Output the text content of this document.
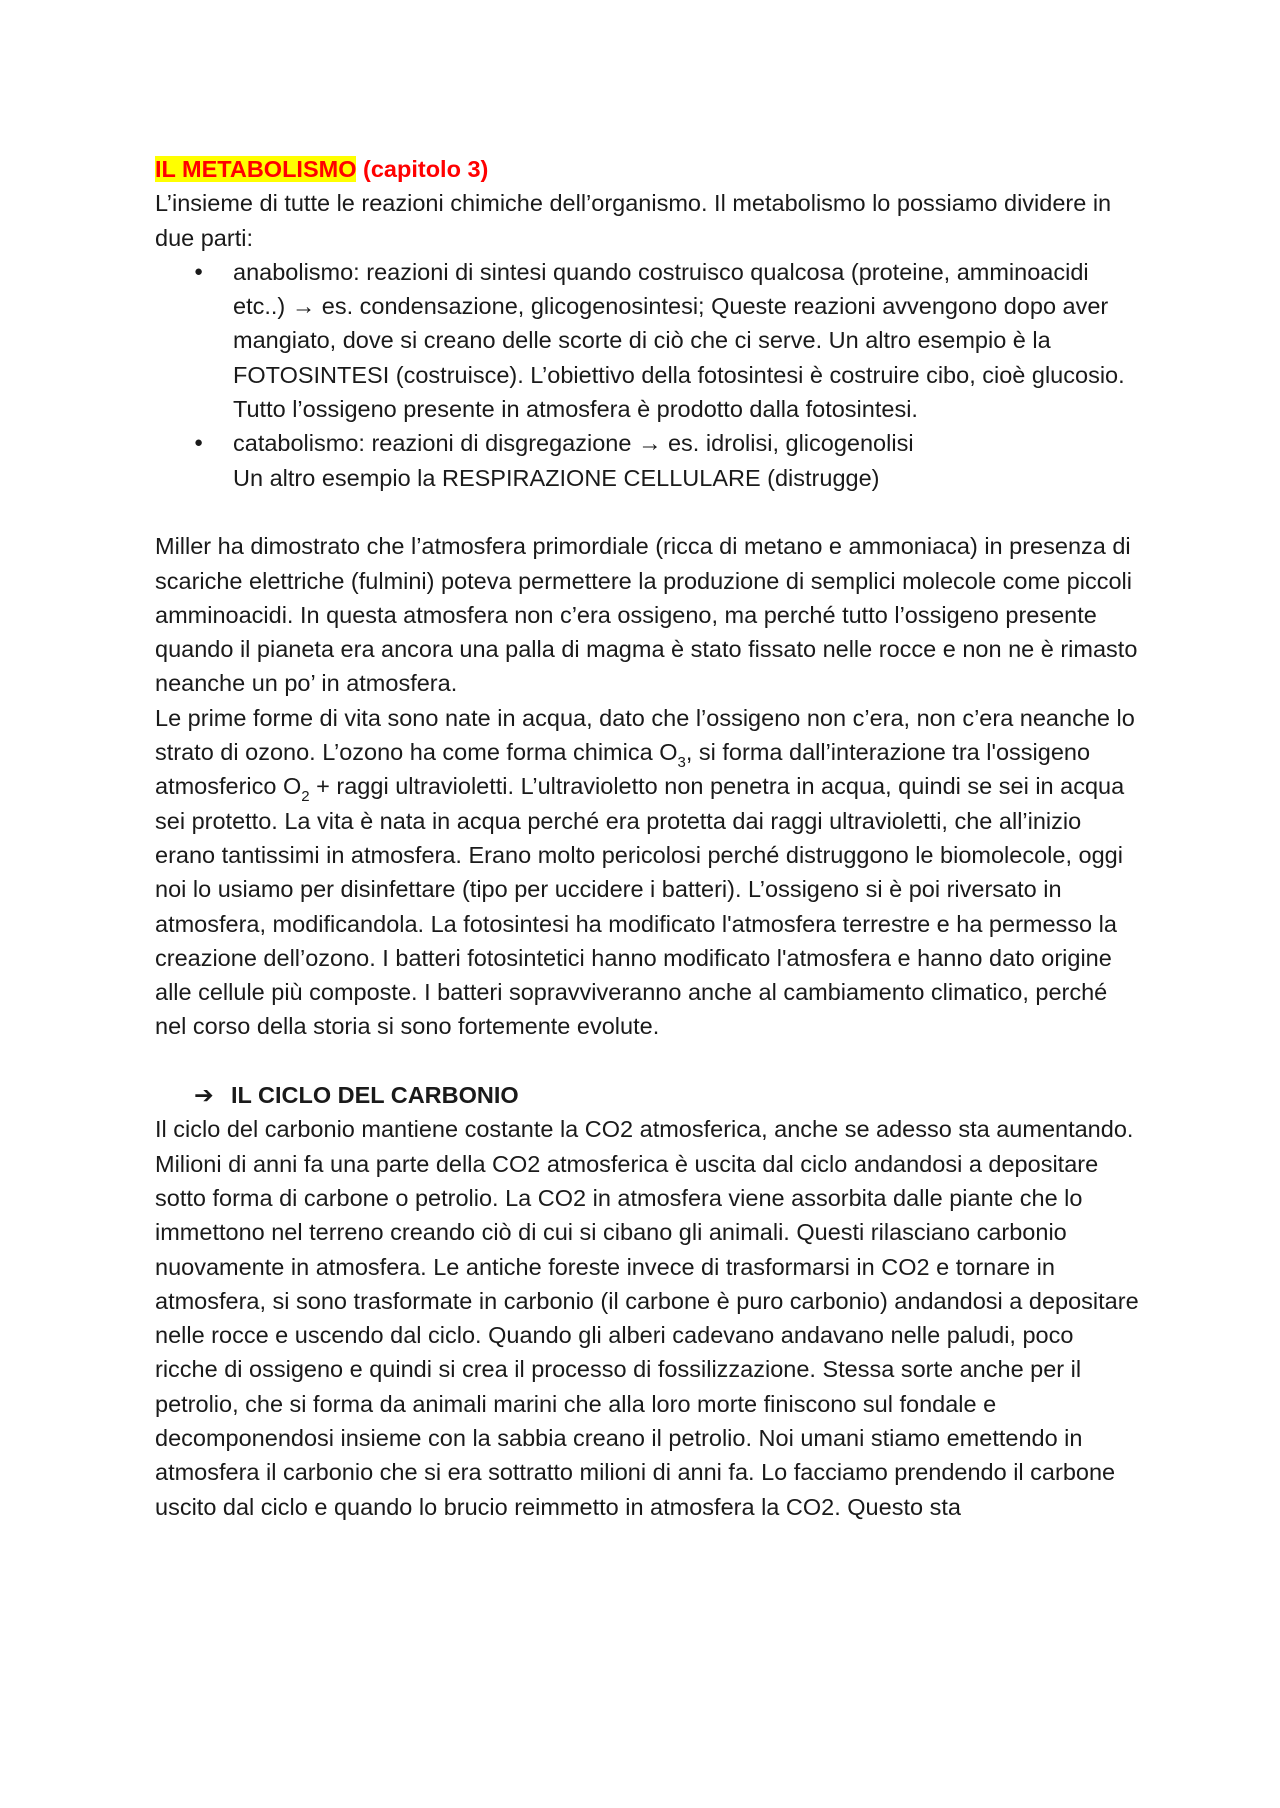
IL METABOLISMO (capitolo 3)

L’insieme di tutte le reazioni chimiche dell’organismo. Il metabolismo lo possiamo dividere in due parti:

● anabolismo: reazioni di sintesi quando costruisco qualcosa (proteine, amminoacidi etc..) → es. condensazione, glicogenosintesi; Queste reazioni avvengono dopo aver mangiato, dove si creano delle scorte di ciò che ci serve. Un altro esempio è la FOTOSINTESI (costruisce). L’obiettivo della fotosintesi è costruire cibo, cioè glucosio. Tutto l’ossigeno presente in atmosfera è prodotto dalla fotosintesi.
● catabolismo: reazioni di disgregazione → es. idrolisi, glicogenolisi
Un altro esempio la RESPIRAZIONE CELLULARE (distrugge)

Miller ha dimostrato che l’atmosfera primordiale (ricca di metano e ammoniaca) in presenza di scariche elettriche (fulmini) poteva permettere la produzione di semplici molecole come piccoli amminoacidi. In questa atmosfera non c’era ossigeno, ma perché tutto l’ossigeno presente quando il pianeta era ancora una palla di magma è stato fissato nelle rocce e non ne è rimasto neanche un po’ in atmosfera.

Le prime forme di vita sono nate in acqua, dato che l’ossigeno non c’era, non c’era neanche lo strato di ozono. L’ozono ha come forma chimica $O_3$, si forma dall’interazione tra l'ossigeno atmosferico $O_2$ + raggi ultravioletti. L’ultravioletto non penetra in acqua, quindi se sei in acqua sei protetto. La vita è nata in acqua perché era protetta dai raggi ultravioletti, che all’inizio erano tantissimi in atmosfera. Erano molto pericolosi perché distruggono le biomolecole, oggi noi lo usiamo per disinfettare (tipo per uccidere i batteri). L’ossigeno si è poi riversato in atmosfera, modificandola. La fotosintesi ha modificato l'atmosfera terrestre e ha permesso la creazione dell’ozono. I batteri fotosintetici hanno modificato l'atmosfera e hanno dato origine alle cellule più composte. I batteri sopravviveranno anche al cambiamento climatico, perché nel corso della storia si sono fortemente evolute.

➔ IL CICLO DEL CARBONIO

Il ciclo del carbonio mantiene costante la CO2 atmosferica, anche se adesso sta aumentando. Milioni di anni fa una parte della CO2 atmosferica è uscita dal ciclo andandosi a depositare sotto forma di carbone o petrolio. La CO2 in atmosfera viene assorbita dalle piante che lo immettono nel terreno creando ciò di cui si cibano gli animali. Questi rilasciano carbonio nuovamente in atmosfera. Le antiche foreste invece di trasformarsi in CO2 e tornare in atmosfera, si sono trasformate in carbonio (il carbone è puro carbonio) andandosi a depositare nelle rocce e uscendo dal ciclo. Quando gli alberi cadevano andavano nelle paludi, poco ricche di ossigeno e quindi si crea il processo di fossilizzazione. Stessa sorte anche per il petrolio, che si forma da animali marini che alla loro morte finiscono sul fondale e decomponendosi insieme con la sabbia creano il petrolio. Noi umani stiamo emettendo in atmosfera il carbonio che si era sottratto milioni di anni fa. Lo facciamo prendendo il carbone uscito dal ciclo e quando lo brucio reimmetto in atmosfera la CO2. Questo sta
